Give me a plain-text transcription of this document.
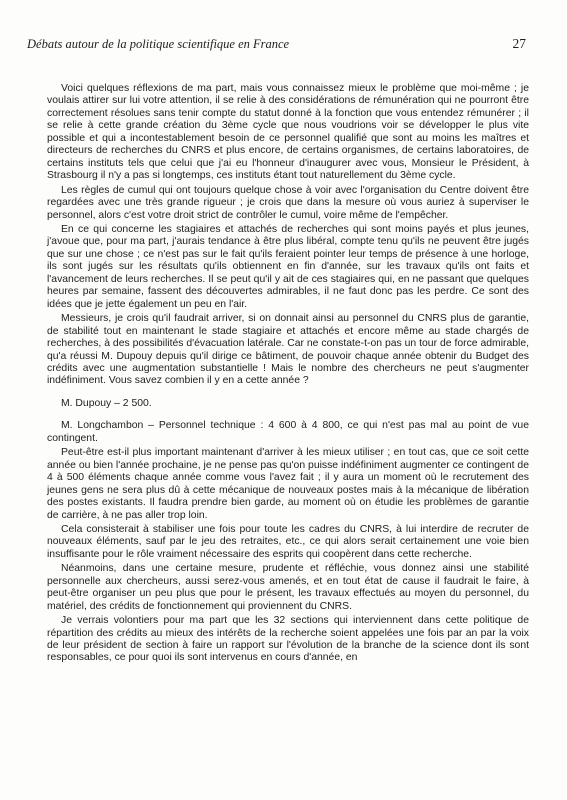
Débats autour de la politique scientifique en France	27

Voici quelques réflexions de ma part, mais vous connaissez mieux le problème que moi-même ; je voulais attirer sur lui votre attention, il se relie à des considérations de rémunération qui ne pourront être correctement résolues sans tenir compte du statut donné à la fonction que vous entendez rémunérer ; il se relie à cette grande création du 3ème cycle que nous voudrions voir se développer le plus vite possible et qui a incontestablement besoin de ce personnel qualifié que sont au moins les maîtres et directeurs de recherches du CNRS et plus encore, de certains organismes, de certains laboratoires, de certains instituts tels que celui que j'ai eu l'honneur d'inaugurer avec vous, Monsieur le Président, à Strasbourg il n'y a pas si longtemps, ces instituts étant tout naturellement du 3ème cycle.

Les règles de cumul qui ont toujours quelque chose à voir avec l'organisation du Centre doivent être regardées avec une très grande rigueur ; je crois que dans la mesure où vous auriez à superviser le personnel, alors c'est votre droit strict de contrôler le cumul, voire même de l'empêcher.

En ce qui concerne les stagiaires et attachés de recherches qui sont moins payés et plus jeunes, j'avoue que, pour ma part, j'aurais tendance à être plus libéral, compte tenu qu'ils ne peuvent être jugés que sur une chose ; ce n'est pas sur le fait qu'ils feraient pointer leur temps de présence à une horloge, ils sont jugés sur les résultats qu'ils obtiennent en fin d'année, sur les travaux qu'ils ont faits et l'avancement de leurs recherches. Il se peut qu'il y ait de ces stagiaires qui, en ne passant que quelques heures par semaine, fassent des découvertes admirables, il ne faut donc pas les perdre. Ce sont des idées que je jette également un peu en l'air.

Messieurs, je crois qu'il faudrait arriver, si on donnait ainsi au personnel du CNRS plus de garantie, de stabilité tout en maintenant le stade stagiaire et attachés et encore même au stade chargés de recherches, à des possibilités d'évacuation latérale. Car ne constate-t-on pas un tour de force admirable, qu'a réussi M. Dupouy depuis qu'il dirige ce bâtiment, de pouvoir chaque année obtenir du Budget des crédits avec une augmentation substantielle ! Mais le nombre des chercheurs ne peut s'augmenter indéfiniment. Vous savez combien il y en a cette année ?

M. Dupouy – 2 500.

M. Longchambon – Personnel technique : 4 600 à 4 800, ce qui n'est pas mal au point de vue contingent.

Peut-être est-il plus important maintenant d'arriver à les mieux utiliser ; en tout cas, que ce soit cette année ou bien l'année prochaine, je ne pense pas qu'on puisse indéfiniment augmenter ce contingent de 4 à 500 éléments chaque année comme vous l'avez fait ; il y aura un moment où le recrutement des jeunes gens ne sera plus dû à cette mécanique de nouveaux postes mais à la mécanique de libération des postes existants. Il faudra prendre bien garde, au moment où on étudie les problèmes de garantie de carrière, à ne pas aller trop loin.

Cela consisterait à stabiliser une fois pour toute les cadres du CNRS, à lui interdire de recruter de nouveaux éléments, sauf par le jeu des retraites, etc., ce qui alors serait certainement une voie bien insuffisante pour le rôle vraiment nécessaire des esprits qui coopèrent dans cette recherche.

Néanmoins, dans une certaine mesure, prudente et réfléchie, vous donnez ainsi une stabilité personnelle aux chercheurs, aussi serez-vous amenés, et en tout état de cause il faudrait le faire, à peut-être organiser un peu plus que pour le présent, les travaux effectués au moyen du personnel, du matériel, des crédits de fonctionnement qui proviennent du CNRS.

Je verrais volontiers pour ma part que les 32 sections qui interviennent dans cette politique de répartition des crédits au mieux des intérêts de la recherche soient appelées une fois par an par la voix de leur président de section à faire un rapport sur l'évolution de la branche de la science dont ils sont responsables, ce pour quoi ils sont intervenus en cours d'année, en
